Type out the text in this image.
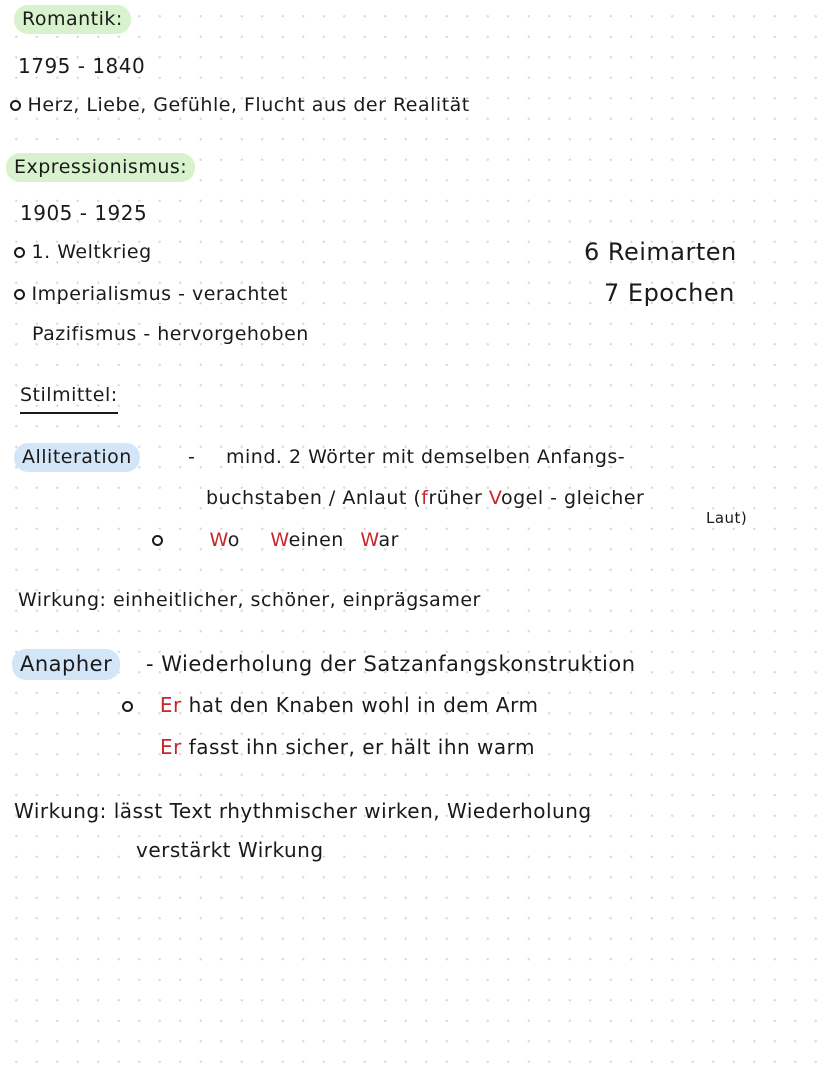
Romantik:
1795 - 1840
Herz, Liebe, Gefühle, Flucht aus der Realität
Expressionismus:
1905 - 1925
1. Weltkrieg
Imperialismus - verachtet
Pazifismus - hervorgehoben
6 Reimarten
7 Epochen
Stilmittel:
Alliteration	- mind. 2 Wörter mit demselben Anfangs-
buchstaben / Anlaut (früher Vogel - gleicher
Laut)
Wo Weinen War
Wirkung: einheitlicher, schöner, einprägsamer
Anapher	- Wiederholung der Satzanfangskonstruktion
Er hat den Knaben wohl in dem Arm
Er fasst ihn sicher, er hält ihn warm
Wirkung: lässt Text rhythmischer wirken, Wiederholung
verstärkt Wirkung
